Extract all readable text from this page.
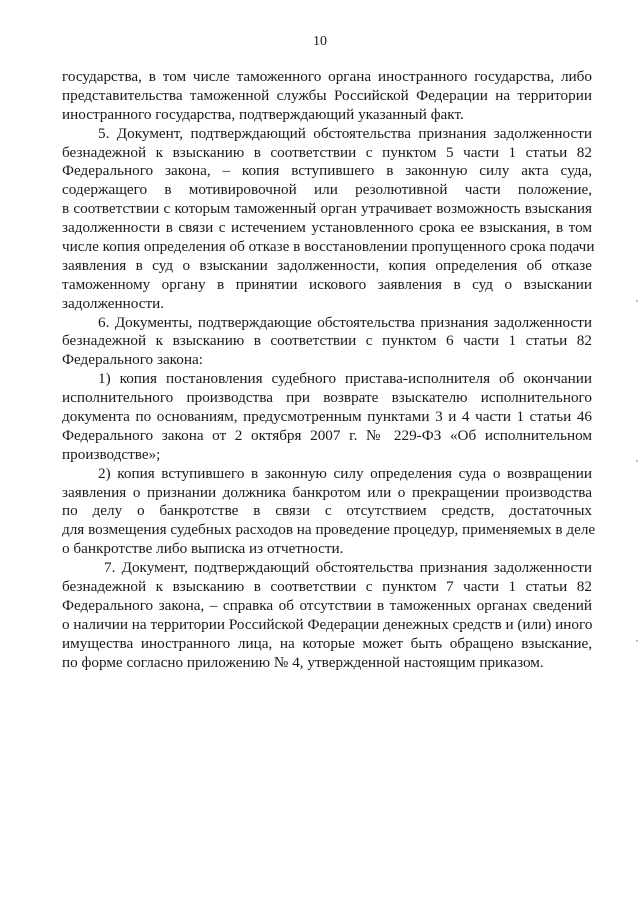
10
государства, в том числе таможенного органа иностранного государства, либо
представительства таможенной службы Российской Федерации на территории
иностранного государства, подтверждающий указанный факт.
5. Документ, подтверждающий обстоятельства признания задолженности
безнадежной к взысканию в соответствии с пунктом 5 части 1 статьи 82
Федерального закона, – копия вступившего в законную силу акта суда,
содержащего в мотивировочной или резолютивной части положение,
в соответствии с которым таможенный орган утрачивает возможность взыскания
задолженности в связи с истечением установленного срока ее взыскания, в том
числе копия определения об отказе в восстановлении пропущенного срока подачи
заявления в суд о взыскании задолженности, копия определения об отказе
таможенному органу в принятии искового заявления в суд о взыскании
задолженности.
6. Документы, подтверждающие обстоятельства признания задолженности
безнадежной к взысканию в соответствии с пунктом 6 части 1 статьи 82
Федерального закона:
1) копия постановления судебного пристава-исполнителя об окончании
исполнительного производства при возврате взыскателю исполнительного
документа по основаниям, предусмотренным пунктами 3 и 4 части 1 статьи 46
Федерального закона от 2 октября 2007 г. № 229-ФЗ «Об исполнительном
производстве»;
2) копия вступившего в законную силу определения суда о возвращении
заявления о признании должника банкротом или о прекращении производства
по делу о банкротстве в связи с отсутствием средств, достаточных
для возмещения судебных расходов на проведение процедур, применяемых в деле
о банкротстве либо выписка из отчетности.
7. Документ, подтверждающий обстоятельства признания задолженности
безнадежной к взысканию в соответствии с пунктом 7 части 1 статьи 82
Федерального закона, – справка об отсутствии в таможенных органах сведений
о наличии на территории Российской Федерации денежных средств и (или) иного
имущества иностранного лица, на которые может быть обращено взыскание,
по форме согласно приложению № 4, утвержденной настоящим приказом.
